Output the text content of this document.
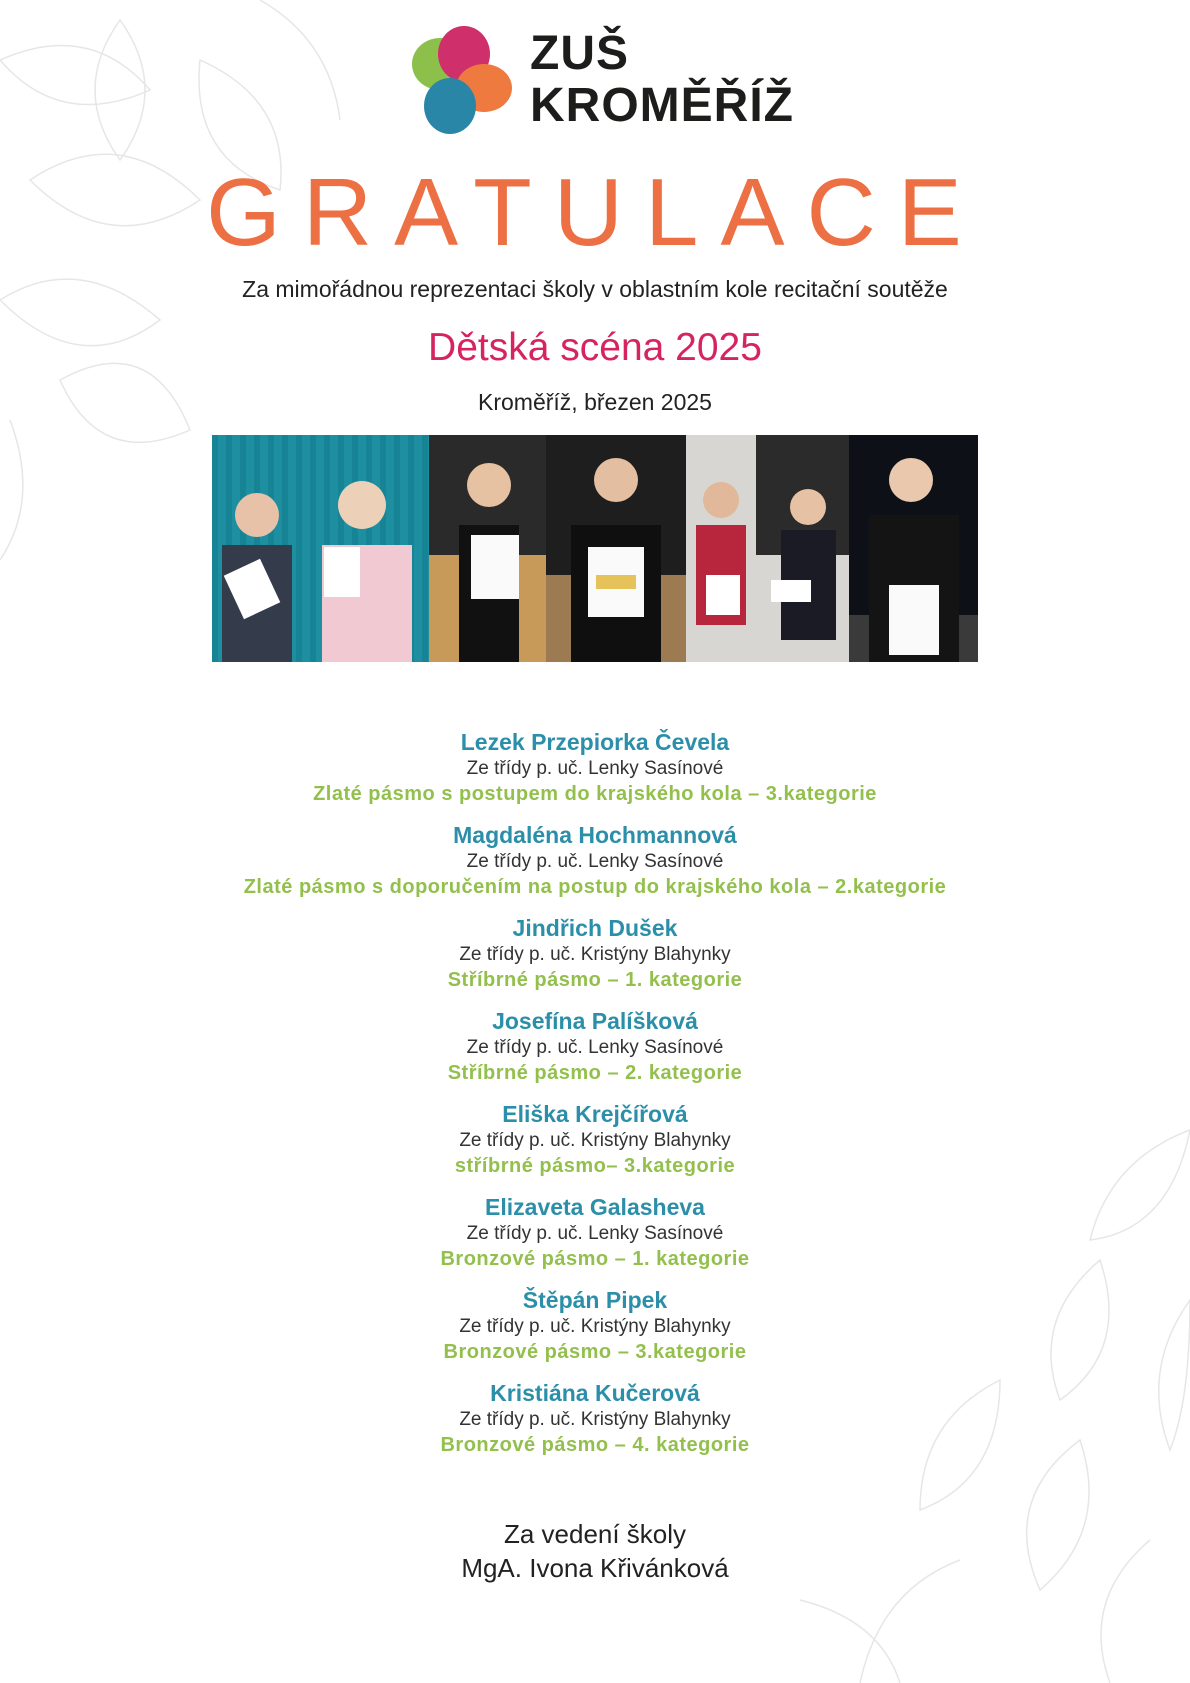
ZUŠ
KROMĚŘÍŽ
GRATULACE
Za mimořádnou reprezentaci školy v oblastním kole recitační soutěže
Dětská scéna 2025
Kroměříž, březen 2025
Lezek Przepiorka Čevela
Ze třídy p. uč. Lenky Sasínové
Zlaté pásmo s postupem do krajského kola – 3.kategorie
Magdaléna Hochmannová
Ze třídy p. uč. Lenky Sasínové
Zlaté pásmo s doporučením na postup do krajského kola – 2.kategorie
Jindřich Dušek
Ze třídy p. uč. Kristýny Blahynky
Stříbrné pásmo – 1. kategorie
Josefína Palíšková
Ze třídy p. uč. Lenky Sasínové
Stříbrné pásmo – 2. kategorie
Eliška Krejčířová
Ze třídy p. uč. Kristýny Blahynky
stříbrné pásmo– 3.kategorie
Elizaveta Galasheva
Ze třídy p. uč. Lenky Sasínové
Bronzové pásmo – 1. kategorie
Štěpán Pipek
Ze třídy p. uč. Kristýny Blahynky
Bronzové pásmo – 3.kategorie
Kristiána Kučerová
Ze třídy p. uč. Kristýny Blahynky
Bronzové pásmo – 4. kategorie
Za vedení školy
MgA. Ivona Křivánková
